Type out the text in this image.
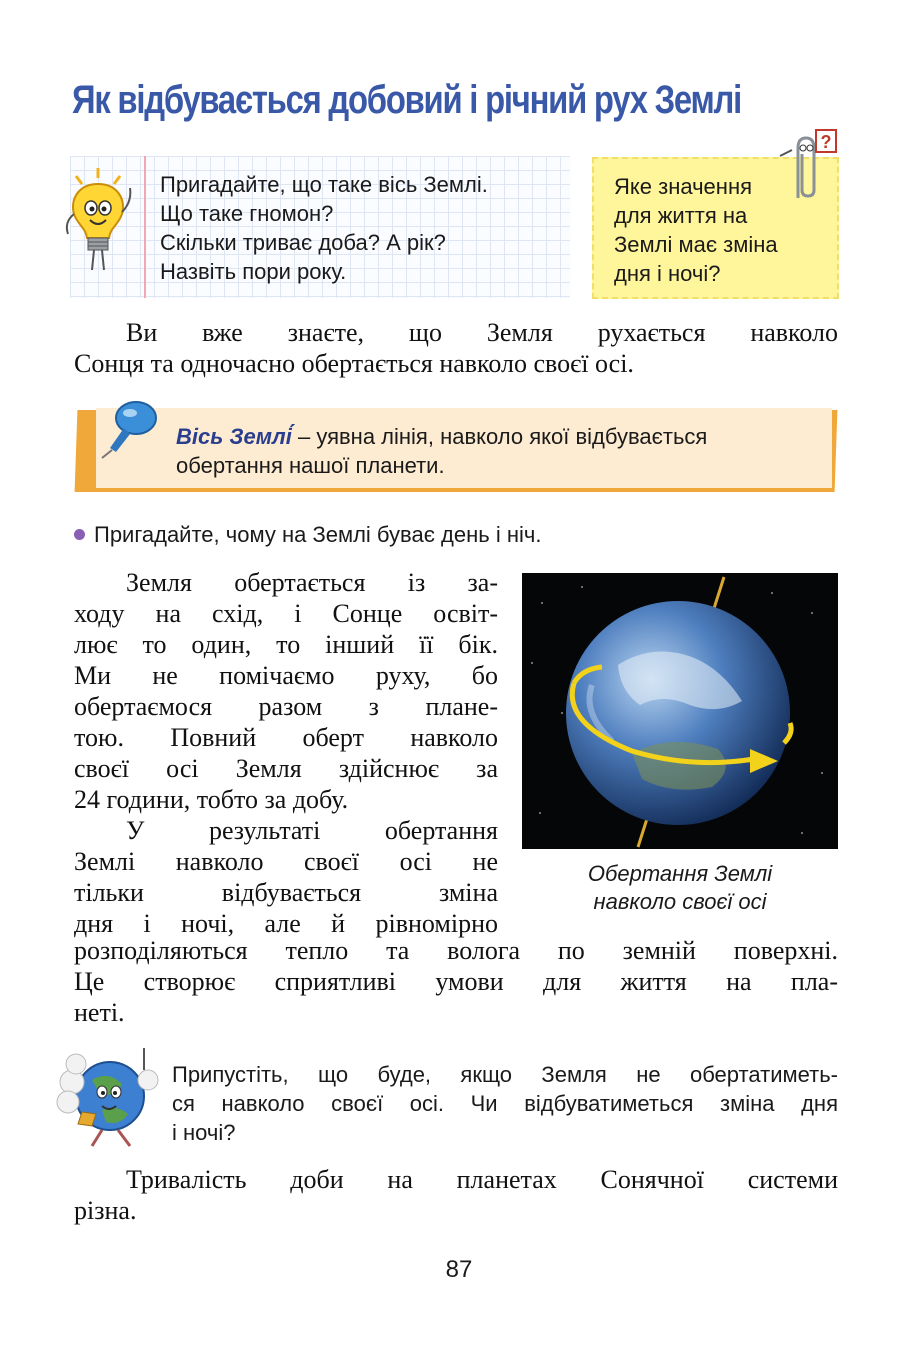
Як відбувається добовий і річний рух Землі
Пригадайте, що таке вісь Землі.
Що таке гномон?
Скільки триває доба? А рік?
Назвіть пори року.
?
Яке значення
для життя на
Землі має зміна
дня і ночі?
Ви вже знаєте, що Земля рухається навколо
Сонця та одночасно обертається навколо своєї осі.
Вісь Землі́ – уявна лінія, навколо якої відбувається
обертання нашої планети.
Пригадайте, чому на Землі буває день і ніч.
Земля обертається із за-
ходу на схід, і Сонце освіт-
лює то один, то інший її бік.
Ми не помічаємо руху, бо
обертаємося разом з плане-
тою. Повний оберт навколо
своєї осі Земля здійснює за
24 години, тобто за добу.
У результаті обертання
Землі навколо своєї осі не
тільки відбувається зміна
дня і ночі, але й рівномірно
Обертання Землі
навколо своєї осі
розподіляються тепло та волога по земній поверхні.
Це створює сприятливі умови для життя на пла-
неті.
Припустіть, що буде, якщо Земля не обертатиметь-
ся навколо своєї осі. Чи відбуватиметься зміна дня
і ночі?
Тривалість доби на планетах Сонячної системи
різна.
87
